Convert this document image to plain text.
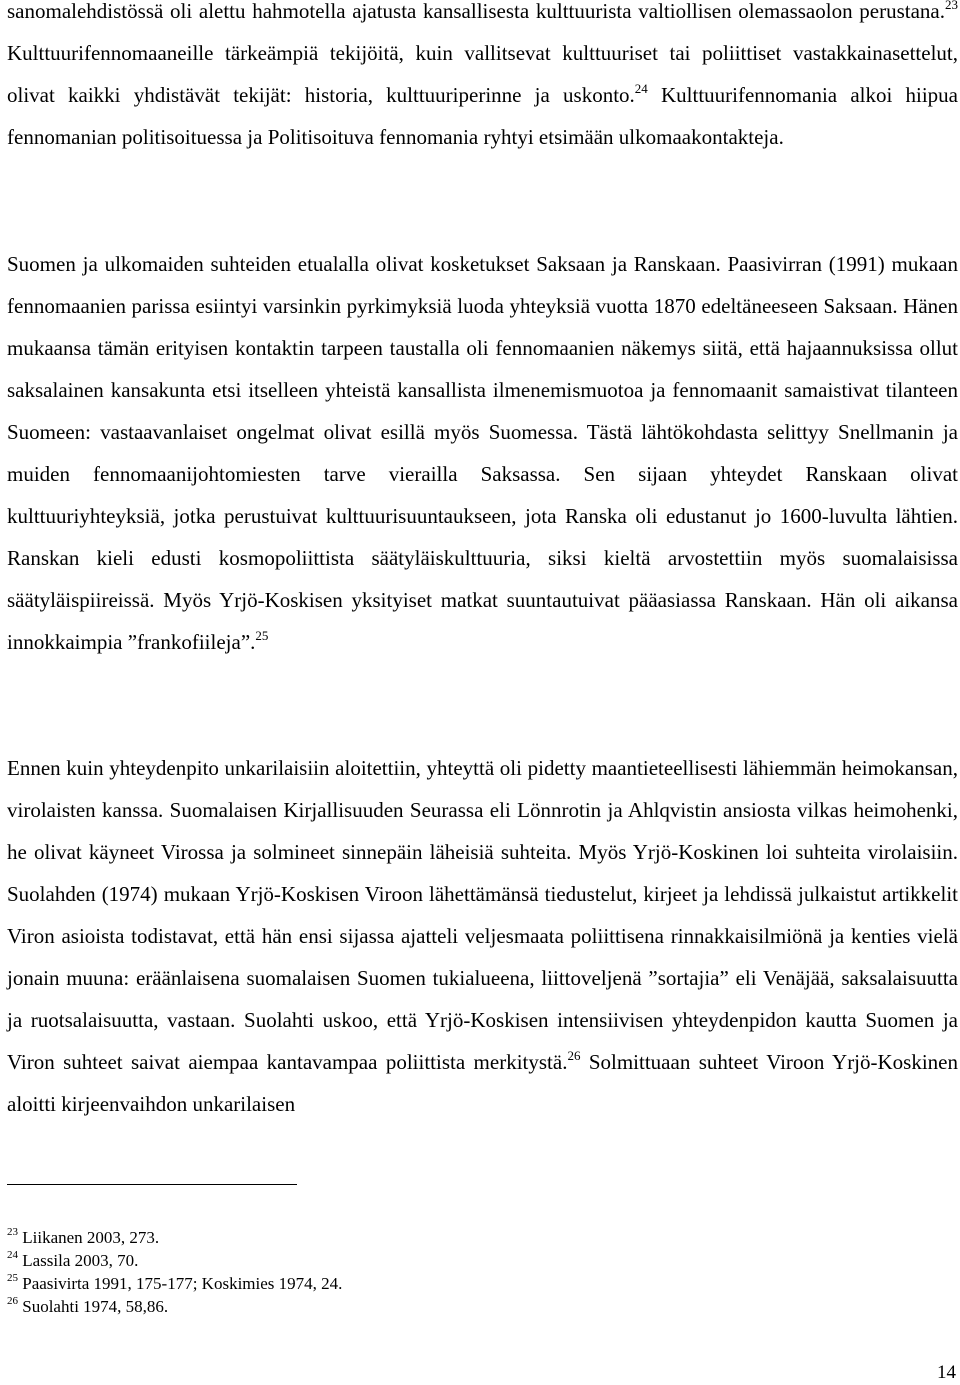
sanomalehdistössä oli alettu hahmotella ajatusta kansallisesta kulttuurista valtiollisen olemassaolon perustana.$^{23}$ Kulttuurifennomaaneille tärkeämpiä tekijöitä, kuin vallitsevat kulttuuriset tai poliittiset vastakkainasettelut, olivat kaikki yhdistävät tekijät: historia, kulttuuriperinne ja uskonto.$^{24}$ Kulttuurifennomania alkoi hiipua fennomanian politisoituessa ja Politisoituva fennomania ryhtyi etsimään ulkomaakontakteja.

Suomen ja ulkomaiden suhteiden etualalla olivat kosketukset Saksaan ja Ranskaan. Paasivirran (1991) mukaan fennomaanien parissa esiintyi varsinkin pyrkimyksiä luoda yhteyksiä vuotta 1870 edeltäneeseen Saksaan. Hänen mukaansa tämän erityisen kontaktin tarpeen taustalla oli fennomaanien näkemys siitä, että hajaannuksissa ollut saksalainen kansakunta etsi itselleen yhteistä kansallista ilmenemismuotoa ja fennomaanit samaistivat tilanteen Suomeen: vastaavanlaiset ongelmat olivat esillä myös Suomessa. Tästä lähtökohdasta selittyy Snellmanin ja muiden fennomaanijohtomiesten tarve vierailla Saksassa. Sen sijaan yhteydet Ranskaan olivat kulttuuriyhteyksiä, jotka perustuivat kulttuurisuuntaukseen, jota Ranska oli edustanut jo 1600-luvulta lähtien. Ranskan kieli edusti kosmopoliittista säätyläiskulttuuria, siksi kieltä arvostettiin myös suomalaisissa säätyläispiireissä. Myös Yrjö-Koskisen yksityiset matkat suuntautuivat pääasiassa Ranskaan. Hän oli aikansa innokkaimpia ”frankofiileja”.$^{25}$

Ennen kuin yhteydenpito unkarilaisiin aloitettiin, yhteyttä oli pidetty maantieteellisesti lähiemmän heimokansan, virolaisten kanssa. Suomalaisen Kirjallisuuden Seurassa eli Lönnrotin ja Ahlqvistin ansiosta vilkas heimohenki, he olivat käyneet Virossa ja solmineet sinnepäin läheisiä suhteita. Myös Yrjö-Koskinen loi suhteita virolaisiin. Suolahden (1974) mukaan Yrjö-Koskisen Viroon lähettämänsä tiedustelut, kirjeet ja lehdissä julkaistut artikkelit Viron asioista todistavat, että hän ensi sijassa ajatteli veljesmaata poliittisena rinnakkaisilmiönä ja kenties vielä jonain muuna: eräänlaisena suomalaisen Suomen tukialueena, liittoveljenä ”sortajia” eli Venäjää, saksalaisuutta ja ruotsalaisuutta, vastaan. Suolahti uskoo, että Yrjö-Koskisen intensiivisen yhteydenpidon kautta Suomen ja Viron suhteet saivat aiempaa kantavampaa poliittista merkitystä.$^{26}$ Solmittuaan suhteet Viroon Yrjö-Koskinen aloitti kirjeenvaihdon unkarilaisen

$^{23}$ Liikanen 2003, 273.
$^{24}$ Lassila 2003, 70.
$^{25}$ Paasivirta 1991, 175-177; Koskimies 1974, 24.
$^{26}$ Suolahti 1974, 58,86.
14
